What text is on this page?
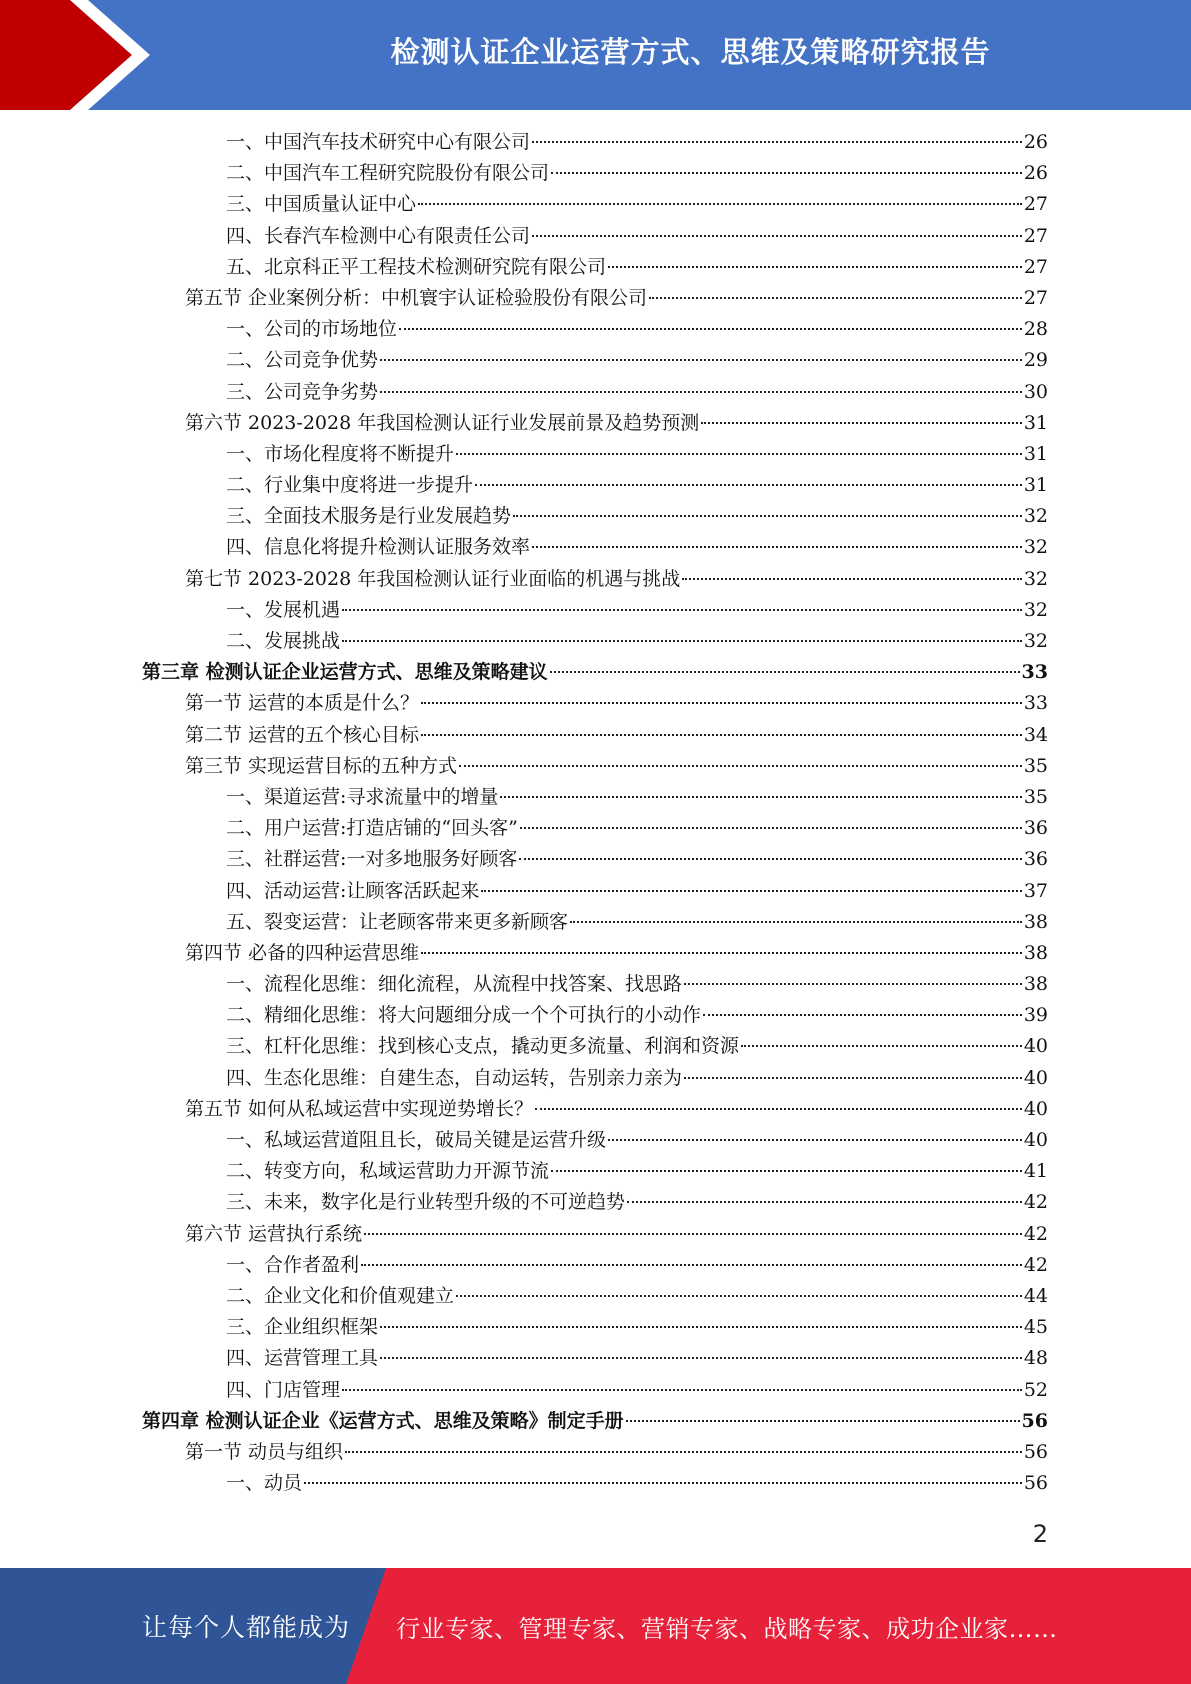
检测认证企业运营方式、思维及策略研究报告
一、中国汽车技术研究中心有限公司	26
二、中国汽车工程研究院股份有限公司	26
三、中国质量认证中心	27
四、长春汽车检测中心有限责任公司	27
五、北京科正平工程技术检测研究院有限公司	27
第五节 企业案例分析：中机寰宇认证检验股份有限公司	27
一、公司的市场地位	28
二、公司竞争优势	29
三、公司竞争劣势	30
第六节 2023-2028 年我国检测认证行业发展前景及趋势预测	31
一、市场化程度将不断提升	31
二、行业集中度将进一步提升	31
三、全面技术服务是行业发展趋势	32
四、信息化将提升检测认证服务效率	32
第七节 2023-2028 年我国检测认证行业面临的机遇与挑战	32
一、发展机遇	32
二、发展挑战	32
第三章 检测认证企业运营方式、思维及策略建议	33
第一节 运营的本质是什么？	33
第二节 运营的五个核心目标	34
第三节 实现运营目标的五种方式	35
一、渠道运营:寻求流量中的增量	35
二、用户运营:打造店铺的“回头客”	36
三、社群运营:一对多地服务好顾客	36
四、活动运营:让顾客活跃起来	37
五、裂变运营：让老顾客带来更多新顾客	38
第四节 必备的四种运营思维	38
一、流程化思维：细化流程，从流程中找答案、找思路	38
二、精细化思维：将大问题细分成一个个可执行的小动作	39
三、杠杆化思维：找到核心支点，撬动更多流量、利润和资源	40
四、生态化思维：自建生态，自动运转，告别亲力亲为	40
第五节 如何从私域运营中实现逆势增长？	40
一、私域运营道阻且长，破局关键是运营升级	40
二、转变方向，私域运营助力开源节流	41
三、未来，数字化是行业转型升级的不可逆趋势	42
第六节 运营执行系统	42
一、合作者盈利	42
二、企业文化和价值观建立	44
三、企业组织框架	45
四、运营管理工具	48
四、门店管理	52
第四章 检测认证企业《运营方式、思维及策略》制定手册	56
第一节 动员与组织	56
一、动员	56
2
让每个人都能成为 行业专家、管理专家、营销专家、战略专家、成功企业家……
